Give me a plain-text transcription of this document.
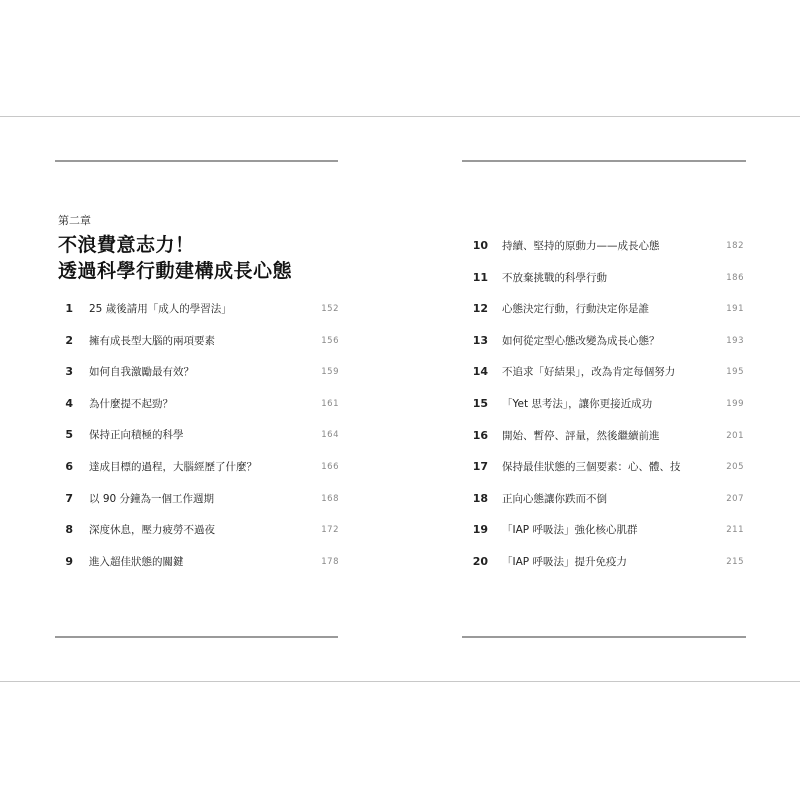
第二章
不浪費意志力！
透過科學行動建構成長心態
1 25 歲後請用「成人的學習法」	152
2 擁有成長型大腦的兩項要素	156
3 如何自我激勵最有效？	159
4 為什麼提不起勁？	161
5 保持正向積極的科學	164
6 達成目標的過程，大腦經歷了什麼？	166
7 以 90 分鐘為一個工作週期	168
8 深度休息，壓力疲勞不過夜	172
9 進入超佳狀態的關鍵	178
10 持續、堅持的原動力——成長心態	182
11 不放棄挑戰的科學行動	186
12 心態決定行動，行動決定你是誰	191
13 如何從定型心態改變為成長心態？	193
14 不追求「好結果」，改為肯定每個努力	195
15 「Yet 思考法」，讓你更接近成功	199
16 開始、暫停、評量，然後繼續前進	201
17 保持最佳狀態的三個要素：心、體、技	205
18 正向心態讓你跌而不倒	207
19 「IAP 呼吸法」強化核心肌群	211
20 「IAP 呼吸法」提升免疫力	215
